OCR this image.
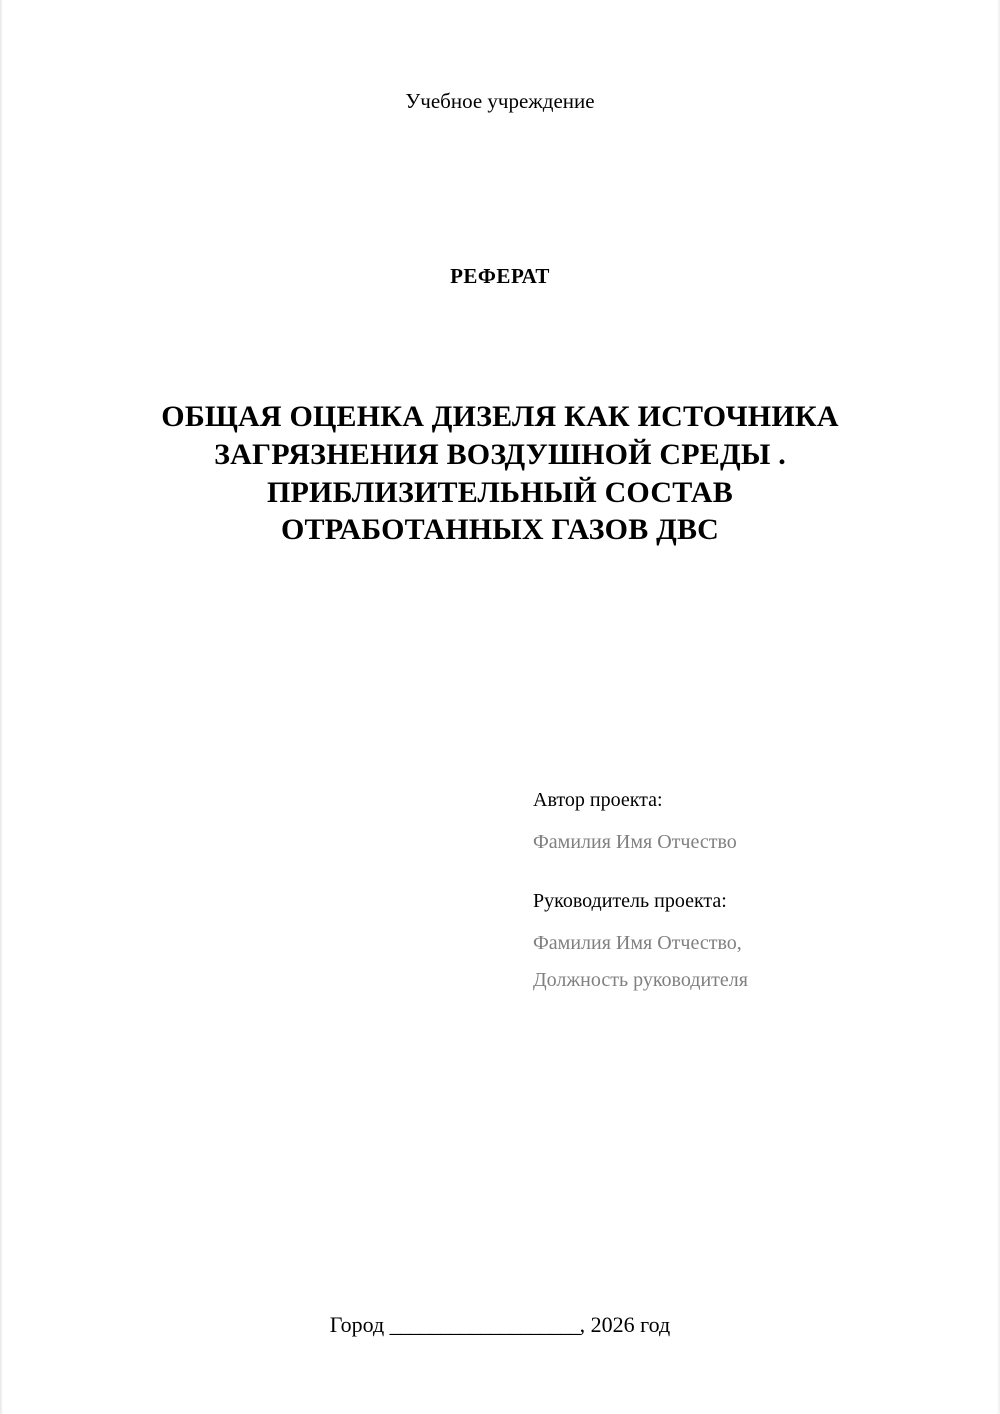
Учебное учреждение
РЕФЕРАТ
ОБЩАЯ ОЦЕНКА ДИЗЕЛЯ КАК ИСТОЧНИКА ЗАГРЯЗНЕНИЯ ВОЗДУШНОЙ СРЕДЫ . ПРИБЛИЗИТЕЛЬНЫЙ СОСТАВ ОТРАБОТАННЫХ ГАЗОВ ДВС
Автор проекта:
Фамилия Имя Отчество
Руководитель проекта:
Фамилия Имя Отчество,
Должность руководителя
Город ___________________, 2026 год
